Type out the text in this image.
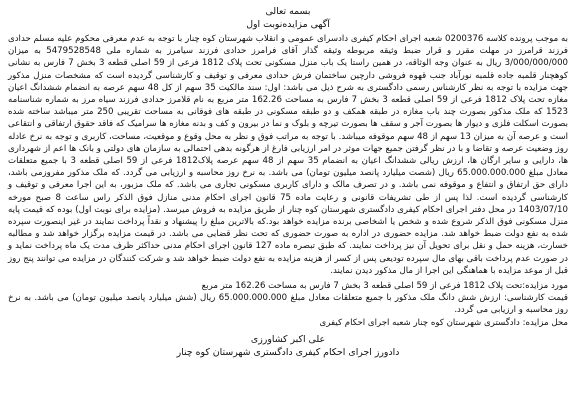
بسمه تعالی
آگهی مزایده‌نوبت اول

به موجب پرونده کلاسه 0200376 شعبه اجرای احکام کیفری دادسرای عمومی و انقلاب شهرستان کوه چنار با توجه به عدم معرفی محکوم علیه مسلم حدادی فرزند قرامرز در مهلت مقرر و قرار ضبط وثیقه مربوطه وثیقه گذار آقای فرامرز حدادی فرزند سیامرز به شماره ملی 5479528548 به میزان 3/000/000/000 ریال به عنوان وجه الوثاقه، در همین راستا یک باب منزل مسکونی تحت پلاک 1812 فرعی از 59 اصلی قطعه 3 بخش 7 فارس به نشانی کوهچنار قلمبه جاده قلمبه نورآباد جنب قهوه فروشی دارچین ساختمان فرش حدادی معرفی و توقیف و کارشناسی گردیده است که مشخصات منزل مذکور جهت مزایده با توجه به نظر کارشناس رسمی دادگستری به شرح ذیل می باشد: اول: سند مالکیت 35 سهم از کل 48 سهم عرصه به انضمام ششدانگ اعیان مغازه تحت پلاک 1812 فرعی از 59 اصلی قطعه 3 بخش 7 فارس به مساحت 162.26 متر مربع به نام قلامرز حدادی فرزند سیاه مرز به شماره شناسنامه 1523 که ملک مذکور بصورت چند باب مغازه در طبقه همکف و دو طبقه مسکونی در طبقه های فوقانی به مساحت تقریبی 250 متر میباشد ساخته شده بصورت اسکلت فلزی و دیوار ها بصورت آجر و سقف ها بصورت تیرچه و بلوک و نما در بیرون و کف و بدنه مغازه ها سرامیک که فاقد حقوق ارتفاقی و انتقاعی است و عرصه آن به میزان 13 سهم از 48 سهم موقوفه میباشد. با توجه به مراتب فوق و نظر به محل وقوع و موقعیت، مساحت، کاربری و توجه به نرخ عادله روز وضعیت عرصه و تقاضا و با در نظر گرفتن جمیع جهات موثر در امر ارزیابی فارغ از هرگونه بدهی احتمالی به سازمان های دولتی و بانک ها اعم از شهرداری ها، دارایی و سایر ارگان ها، ارزش ریالی ششدانگ اعیان به انضمام 35 سهم از 48 سهم عرصه پلاک1812 فرعی از 59 اصلی قطعه 3 با جمیع متعلقات معادل مبلغ 65.000.000.000 ریال (شصت میلیارد پانصد میلیون تومان) می باشد. به نرخ روز محاسبه و ارزیابی می گردد. که ملک مذکور مفروزمی باشد، دارای حق ارتفاق و انتفاع و موقوفه نمی باشد. و در تصرف مالک و دارای کاربری مسکونی تجاری می باشد. که ملک مزبور، به این اجرا معرفی و توقیف و کارشناسی گردیده است. لذا پس از طی تشریفات قانونی و رعایت ماده 75 قانون اجرای احکام مدنی منازل فوق الذکر راس ساعت 8 صبح مورخه 1403/07/10 در محل دفتر اجرای احکام کیفری دادگستری شهرستان کوه چنار از طریق مزایده به فروش میرسد. (مزایده برای نوبت اول) بوده که قیمت پایه منزل مسکونی فوق الذکر شروع شده و شخص یا اشخاصی برنده مزایده خواهد بود.که بالاترین مبلغ را پیشنهاد و نقداً پرداخت نمایند در غیر اینصورت سپرده شده به نفع دولت ضبط خواهد شد. مزایده حضوری در اداره به صورت حضوری که تحت نظر قضایی می باشد. در قیمت مزایده برگزار خواهد شد و مطالبه خسارت، هزینه حمل و نقل برای تحویل آن نیز پرداخت نمایند. که طبق تبصره ماده 127 قانون اجرای احکام مدنی حداکثر ظرف مدت یک ماه پرداخت نماید و در صورت عدم پرداخت باقی بهای مال سپرده تودیعی پس از کسر از هزینه مزایده به نفع دولت ضبط خواهد شد و شرکت کنندگان در مزایده می توانند پنج روز قبل از موعد مزایده با هماهنگی این اجرا از مال مذکور دیدن نمایند.

مورد مزایده:تحت پلاک 1812 فرعی از 59 اصلی قطعه 3 بخش 7 فارس به مساحت 162.26 متر مربع

قیمت کارشناسی: ارزش شش دانگ ملک مذکور با جمیع متعلقات معادل مبلغ 65.000.000.000 ریال (شش میلیارد پانصد میلیون تومان) می باشد. به نرخ روز محاسبه و ارزیابی می گردد.

محل مزایده: دادگستری شهرستان کوه چنار شعبه اجرای احکام کیفری

علی اکبر کشاورزی
دادورز اجرای احکام کیفری دادگستری شهرستان کوه چنار
